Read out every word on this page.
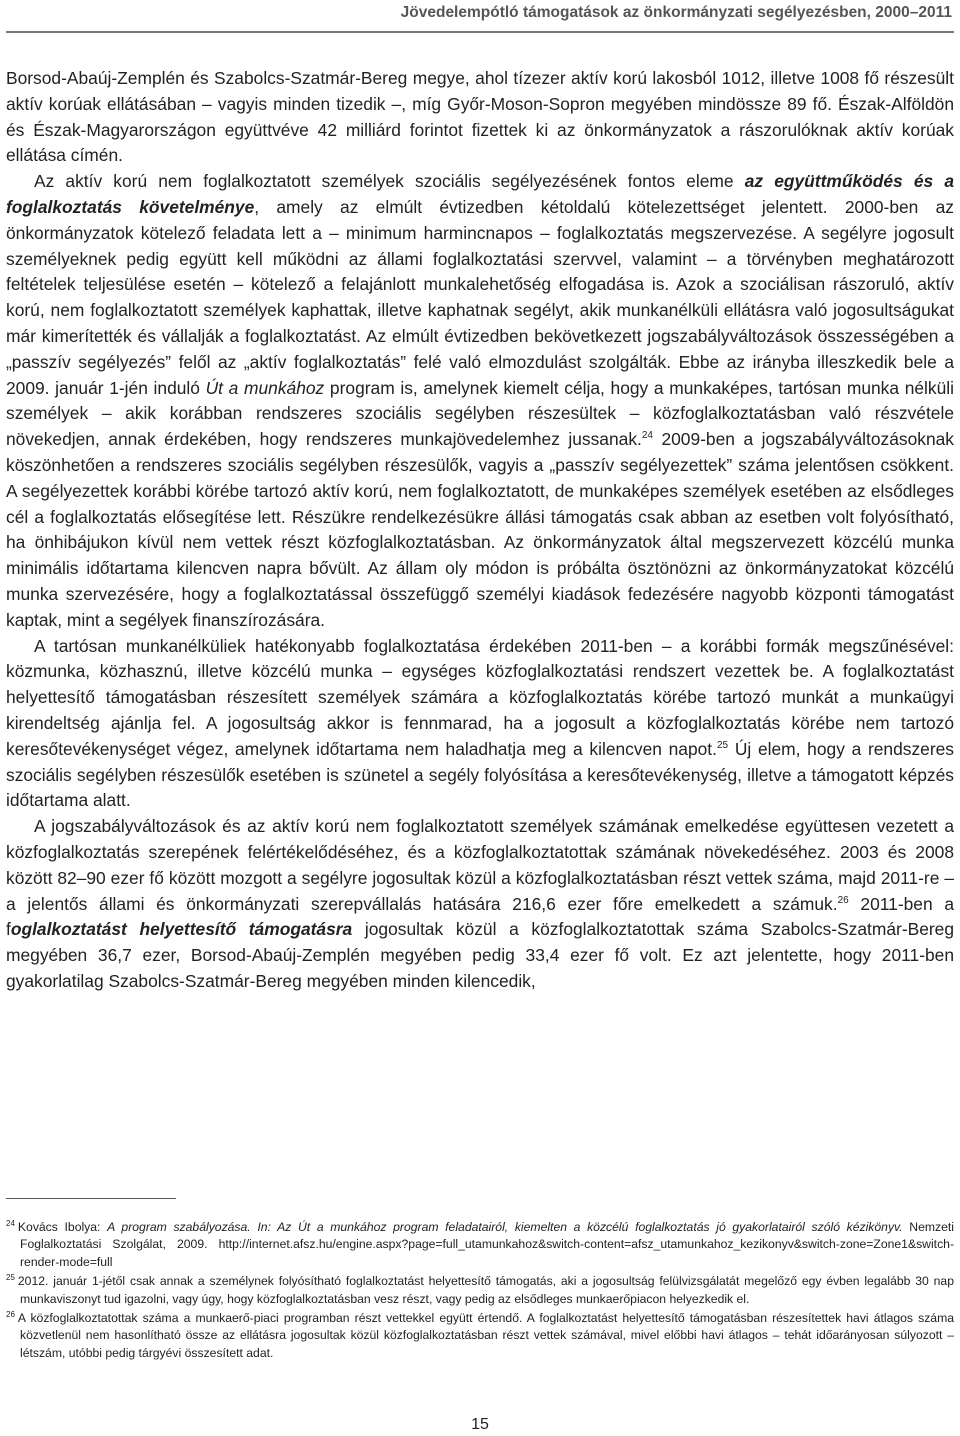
Jövedelempótló támogatások az önkormányzati segélyezésben, 2000–2011

Borsod-Abaúj-Zemplén és Szabolcs-Szatmár-Bereg megye, ahol tízezer aktív korú lakosból 1012, illetve 1008 fő részesült aktív korúak ellátásában – vagyis minden tizedik –, míg Győr-Moson-Sopron megyében mindössze 89 fő. Észak-Alföldön és Észak-Magyarországon együttvéve 42 milliárd forintot fizettek ki az önkormányzatok a rászorulóknak aktív korúak ellátása címén.

Az aktív korú nem foglalkoztatott személyek szociális segélyezésének fontos eleme az együttműködés és a foglalkoztatás követelménye, amely az elmúlt évtizedben kétoldalú kötelezettséget jelentett. 2000-ben az önkormányzatok kötelező feladata lett a – minimum harmincnapos – foglalkoztatás megszervezése. A segélyre jogosult személyeknek pedig együtt kell működni az állami foglalkoztatási szervvel, valamint – a törvényben meghatározott feltételek teljesülése esetén – kötelező a felajánlott munkalehetőség elfogadása is. Azok a szociálisan rászoruló, aktív korú, nem foglalkoztatott személyek kaphattak, illetve kaphatnak segélyt, akik munkanélküli ellátásra való jogosultságukat már kimerítették és vállalják a foglalkoztatást. Az elmúlt évtizedben bekövetkezett jogszabályváltozások összességében a „passzív segélyezés” felől az „aktív foglalkoztatás” felé való elmozdulást szolgálták. Ebbe az irányba illeszkedik bele a 2009. január 1-jén induló Út a munkához program is, amelynek kiemelt célja, hogy a munkaképes, tartósan munka nélküli személyek – akik korábban rendszeres szociális segélyben részesültek – közfoglalkoztatásban való részvétele növekedjen, annak érdekében, hogy rendszeres munkajövedelemhez jussanak.$^{24}$ 2009-ben a jogszabályváltozásoknak köszönhetően a rendszeres szociális segélyben részesülők, vagyis a „passzív segélyezettek” száma jelentősen csökkent. A segélyezettek korábbi körébe tartozó aktív korú, nem foglalkoztatott, de munkaképes személyek esetében az elsődleges cél a foglalkoztatás elősegítése lett. Részükre rendelkezésükre állási támogatás csak abban az esetben volt folyósítható, ha önhibájukon kívül nem vettek részt közfoglalkoztatásban. Az önkormányzatok által megszervezett közcélú munka minimális időtartama kilencven napra bővült. Az állam oly módon is próbálta ösztönözni az önkormányzatokat közcélú munka szervezésére, hogy a foglalkoztatással összefüggő személyi kiadások fedezésére nagyobb központi támogatást kaptak, mint a segélyek finanszírozására.

A tartósan munkanélküliek hatékonyabb foglalkoztatása érdekében 2011-ben – a korábbi formák megszűnésével: közmunka, közhasznú, illetve közcélú munka – egységes közfoglalkoztatási rendszert vezettek be. A foglalkoztatást helyettesítő támogatásban részesített személyek számára a közfoglalkoztatás körébe tartozó munkát a munkaügyi kirendeltség ajánlja fel. A jogosultság akkor is fennmarad, ha a jogosult a közfoglalkoztatás körébe nem tartozó keresőtevékenységet végez, amelynek időtartama nem haladhatja meg a kilencven napot.$^{25}$ Új elem, hogy a rendszeres szociális segélyben részesülők esetében is szünetel a segély folyósítása a keresőtevékenység, illetve a támogatott képzés időtartama alatt.

A jogszabályváltozások és az aktív korú nem foglalkoztatott személyek számának emelkedése együttesen vezetett a közfoglalkoztatás szerepének felértékelődéséhez, és a közfoglalkoztatottak számának növekedéséhez. 2003 és 2008 között 82–90 ezer fő között mozgott a segélyre jogosultak közül a közfoglalkoztatásban részt vettek száma, majd 2011-re – a jelentős állami és önkormányzati szerepvállalás hatására 216,6 ezer főre emelkedett a számuk.$^{26}$ 2011-ben a foglalkoztatást helyettesítő támogatásra jogosultak közül a közfoglalkoztatottak száma Szabolcs-Szatmár-Bereg megyében 36,7 ezer, Borsod-Abaúj-Zemplén megyében pedig 33,4 ezer fő volt. Ez azt jelentette, hogy 2011-ben gyakorlatilag Szabolcs-Szatmár-Bereg megyében minden kilencedik,

$^{24}$ Kovács Ibolya: A program szabályozása. In: Az Út a munkához program feladatairól, kiemelten a közcélú foglalkoztatás jó gyakorlatairól szóló kézikönyv. Nemzeti Foglalkoztatási Szolgálat, 2009. http://internet.afsz.hu/engine.aspx?page=full_utamunkahoz&switch-content=afsz_utamunkahoz_kezikonyv&switch-zone=Zone1&switch-render-mode=full
$^{25}$ 2012. január 1-jétől csak annak a személynek folyósítható foglalkoztatást helyettesítő támogatás, aki a jogosultság felülvizsgálatát megelőző egy évben legalább 30 nap munkaviszonyt tud igazolni, vagy úgy, hogy közfoglalkoztatásban vesz részt, vagy pedig az elsődleges munkaerőpiacon helyezkedik el.
$^{26}$ A közfoglalkoztatottak száma a munkaerő-piaci programban részt vettekkel együtt értendő. A foglalkoztatást helyettesítő támogatásban részesítettek havi átlagos száma közvetlenül nem hasonlítható össze az ellátásra jogosultak közül közfoglalkoztatásban részt vettek számával, mivel előbbi havi átlagos – tehát időarányosan súlyozott – létszám, utóbbi pedig tárgyévi összesített adat.
15
